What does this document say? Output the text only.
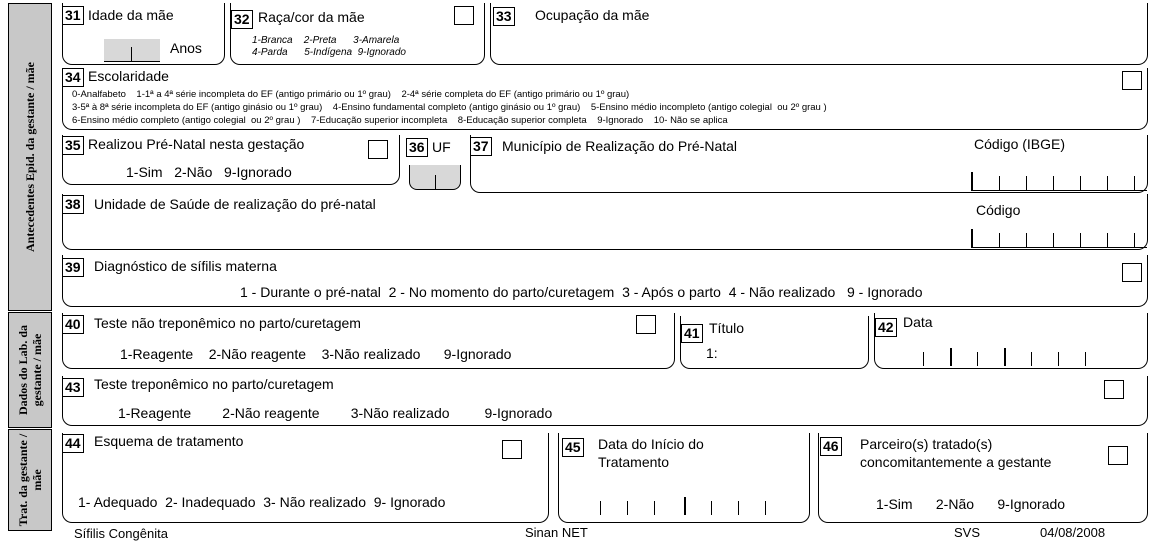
Antecedentes Epid. da gestante / mãe
Dados do Lab. da gestante / mãe
Trat. da gestante / mãe
31 Idade da mãe
Anos
32 Raça/cor da mãe
1-Branca    2-Preta      3-Amarela
4-Parda      5-Indígena  9-Ignorado
33 Ocupação da mãe
34 Escolaridade
0-Analfabeto    1-1ª a 4ª série incompleta do EF (antigo primário ou 1º grau)    2-4ª série completa do EF (antigo primário ou 1º grau)
3-5ª à 8ª série incompleta do EF (antigo ginásio ou 1º grau)    4-Ensino fundamental completo (antigo ginásio ou 1º grau)    5-Ensino médio incompleto (antigo colegial  ou 2º grau )
6-Ensino médio completo (antigo colegial  ou 2º grau )    7-Educação superior incompleta    8-Educação superior completa    9-Ignorado    10- Não se aplica
35 Realizou Pré-Natal nesta gestação
1-Sim   2-Não   9-Ignorado
36 UF 37 Município de Realização do Pré-Natal	Código (IBGE)
38 Unidade de Saúde de realização do pré-natal	Código
39 Diagnóstico de sífilis materna
1 - Durante o pré-natal  2 - No momento do parto/curetagem  3 - Após o parto  4 - Não realizado   9 - Ignorado
40 Teste não treponêmico no parto/curetagem
1-Reagente    2-Não reagente    3-Não realizado      9-Ignorado
41 Título
1:
42 Data
43 Teste treponêmico no parto/curetagem
1-Reagente        2-Não reagente        3-Não realizado         9-Ignorado
44 Esquema de tratamento
1- Adequado  2- Inadequado  3- Não realizado  9- Ignorado
45 Data do Início do
Tratamento
46 Parceiro(s) tratado(s)
concomitantemente a gestante
1-Sim      2-Não      9-Ignorado
Sífilis Congênita	Sinan NET	SVS	04/08/2008
